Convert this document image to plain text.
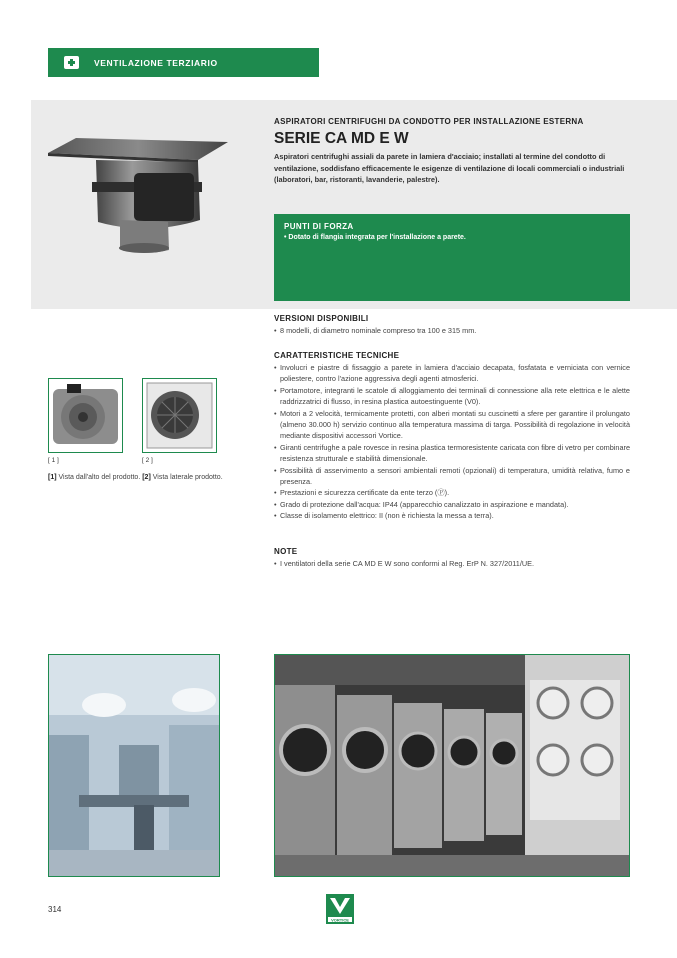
VENTILAZIONE TERZIARIO

ASPIRATORI CENTRIFUGHI DA CONDOTTO PER INSTALLAZIONE ESTERNA

SERIE CA MD E W

Aspiratori centrifughi assiali da parete in lamiera d'acciaio; installati al termine del condotto di ventilazione, soddisfano efficacemente le esigenze di ventilazione di locali commerciali o industriali (laboratori, bar, ristoranti, lavanderie, palestre).

PUNTI DI FORZA

• Dotato di flangia integrata per l'installazione a parete.

VERSIONI DISPONIBILI

• 8 modelli, di diametro nominale compreso tra 100 e 315 mm.

CARATTERISTICHE TECNICHE

• Involucri e piastre di fissaggio a parete in lamiera d'acciaio decapata, fosfatata e verniciata con vernice poliestere, contro l'azione aggressiva degli agenti atmosferici.
• Portamotore, integranti le scatole di alloggiamento dei terminali di connessione alla rete elettrica e le alette raddrizzatrici di flusso, in resina plastica autoestinguente (V0).
• Motori a 2 velocità, termicamente protetti, con alberi montati su cuscinetti a sfere per garantire il prolungato (almeno 30.000 h) servizio continuo alla temperatura massima di targa. Possibilità di regolazione in velocità mediante dispositivi accessori Vortice.
• Giranti centrifughe a pale rovesce in resina plastica termoresistente caricata con fibre di vetro per combinare resistenza strutturale e stabilità dimensionale.
• Possibilità di asservimento a sensori ambientali remoti (opzionali) di temperatura, umidità relativa, fumo e presenza.
• Prestazioni e sicurezza certificate da ente terzo (Ⓟ).
• Grado di protezione dall'acqua: IP44 (apparecchio canalizzato in aspirazione e mandata).
• Classe di isolamento elettrico: II (non è richiesta la messa a terra).

NOTE

• I ventilatori della serie CA MD E W sono conformi al Reg. ErP N. 327/2011/UE.
[ 1 ]	[ 2 ]

[1] Vista dall'alto del prodotto. [2] Vista laterale prodotto.

314
VORTICE
